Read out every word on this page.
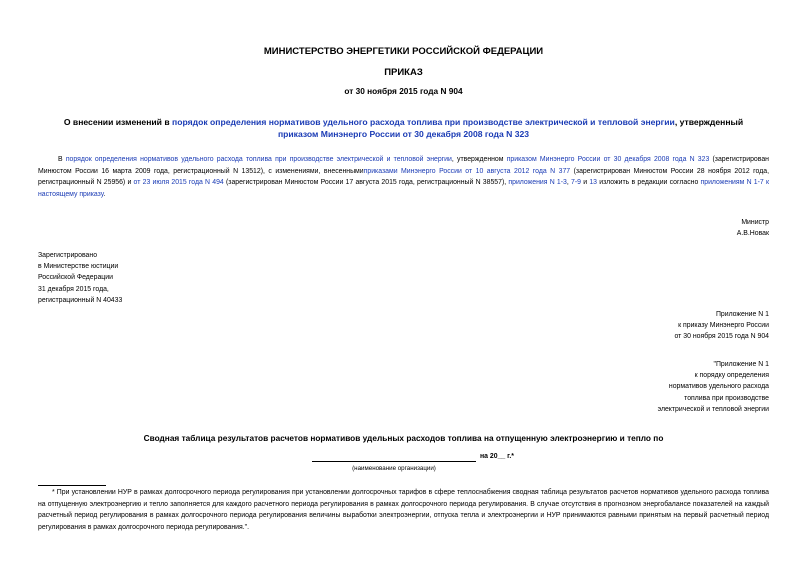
МИНИСТЕРСТВО ЭНЕРГЕТИКИ РОССИЙСКОЙ ФЕДЕРАЦИИ
ПРИКАЗ
от 30 ноября 2015 года N 904
О внесении изменений в порядок определения нормативов удельного расхода топлива при производстве электрической и тепловой энергии, утвержденный приказом Минэнерго России от 30 декабря 2008 года N 323
В порядок определения нормативов удельного расхода топлива при производстве электрической и тепловой энергии, утвержденном приказом Минэнерго России от 30 декабря 2008 года N 323 (зарегистрирован Минюстом России 16 марта 2009 года, регистрационный N 13512), с изменениями, внесеннымиприказами Минэнерго России от 10 августа 2012 года N 377 (зарегистрирован Минюстом России 28 ноября 2012 года, регистрационный N 25956) и от 23 июля 2015 года N 494 (зарегистрирован Минюстом России 17 августа 2015 года, регистрационный N 38557), приложения N 1-3, 7-9 и 13 изложить в редакции согласно приложениям N 1-7 к настоящему приказу.
Министр
А.В.Новак
Зарегистрировано
в Министерстве юстиции
Российской Федерации
31 декабря 2015 года,
регистрационный N 40433
Приложение N 1
к приказу Минэнерго России
от 30 ноября 2015 года N 904
"Приложение N 1
к порядку определения
нормативов удельного расхода
топлива при производстве
электрической и тепловой энергии
Сводная таблица результатов расчетов нормативов удельных расходов топлива на отпущенную электроэнергию и тепло по
на 20__ г.*
(наименование организации)
* При установлении НУР в рамках долгосрочного периода регулирования при установлении долгосрочных тарифов в сфере теплоснабжения сводная таблица результатов расчетов нормативов удельного расхода топлива на отпущенную электроэнергию и тепло заполняется для каждого расчетного периода регулирования в рамках долгосрочного периода регулирования. В случае отсутствия в прогнозном энергобалансе показателей на каждый расчетный период регулирования в рамках долгосрочного периода регулирования величины выработки электроэнергии, отпуска тепла и электроэнергии и НУР принимаются равными принятым на первый расчетный период регулирования в рамках долгосрочного периода регулирования.".
